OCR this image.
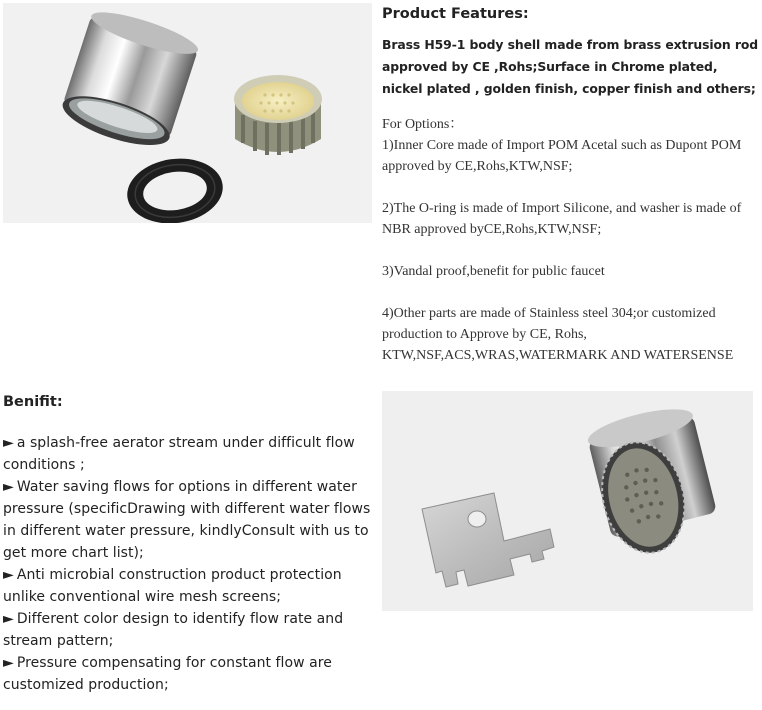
Product Features:

Brass H59-1 body shell made from brass extrusion rod approved by CE ,Rohs;Surface in Chrome plated, nickel plated , golden finish, copper finish and others;

For Options：
1)Inner Core made of Import POM Acetal such as Dupont POM approved by CE,Rohs,KTW,NSF;
2)The O-ring is made of Import Silicone, and washer is made of NBR approved byCE,Rohs,KTW,NSF;
3)Vandal proof,benefit for public faucet
4)Other parts are made of Stainless steel 304;or customized production to Approve by CE, Rohs, KTW,NSF,ACS,WRAS,WATERMARK AND WATERSENSE
Benifit:
► a splash-free aerator stream under difficult flow conditions ;
► Water saving flows for options in different water pressure (specificDrawing with different water flows in different water pressure, kindlyConsult with us to get more chart list);
► Anti microbial construction product protection unlike conventional wire mesh screens;
► Different color design to identify flow rate and stream pattern;
► Pressure compensating for constant flow are customized production;
